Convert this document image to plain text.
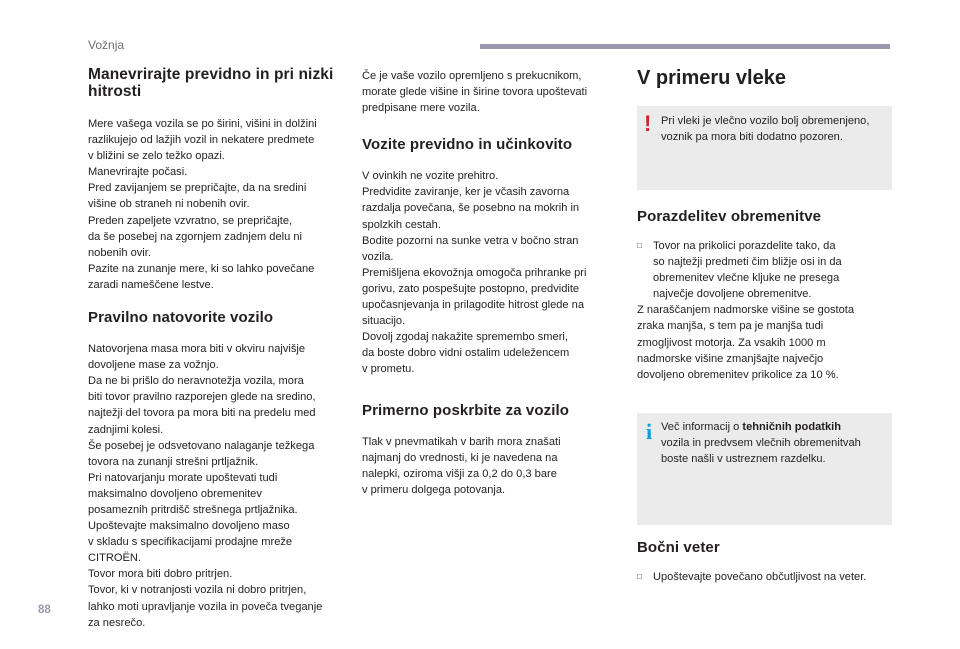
Vožnja
Manevrirajte previdno in pri nizki hitrosti

Mere vašega vozila se po širini, višini in dolžini
razlikujejo od lažjih vozil in nekatere predmete
v bližini se zelo težko opazi.
Manevrirajte počasi.
Pred zavijanjem se prepričajte, da na sredini
višine ob straneh ni nobenih ovir.
Preden zapeljete vzvratno, se prepričajte,
da še posebej na zgornjem zadnjem delu ni
nobenih ovir.
Pazite na zunanje mere, ki so lahko povečane
zaradi nameščene lestve.

Pravilno natovorite vozilo

Natovorjena masa mora biti v okviru najvišje
dovoljene mase za vožnjo.
Da ne bi prišlo do neravnotežja vozila, mora
biti tovor pravilno razporejen glede na sredino,
najtežji del tovora pa mora biti na predelu med
zadnjimi kolesi.
Še posebej je odsvetovano nalaganje težkega
tovora na zunanji strešni prtljažnik.
Pri natovarjanju morate upoštevati tudi
maksimalno dovoljeno obremenitev
posameznih pritrdišč strešnega prtljažnika.
Upoštevajte maksimalno dovoljeno maso
v skladu s specifikacijami prodajne mreže
CITROËN.
Tovor mora biti dobro pritrjen.
Tovor, ki v notranjosti vozila ni dobro pritrjen,
lahko moti upravljanje vozila in poveča tveganje
za nesrečo.

Če je vaše vozilo opremljeno s prekucnikom,
morate glede višine in širine tovora upoštevati
predpisane mere vozila.

Vozite previdno in učinkovito

V ovinkih ne vozite prehitro.
Predvidite zaviranje, ker je včasih zavorna
razdalja povečana, še posebno na mokrih in
spolzkih cestah.
Bodite pozorni na sunke vetra v bočno stran
vozila.
Premišljena ekovožnja omogoča prihranke pri
gorivu, zato pospešujte postopno, predvidite
upočasnjevanja in prilagodite hitrost glede na
situacijo.
Dovolj zgodaj nakažite spremembo smeri,
da boste dobro vidni ostalim udeležencem
v prometu.

Primerno poskrbite za vozilo

Tlak v pnevmatikah v barih mora znašati
najmanj do vrednosti, ki je navedena na
nalepki, oziroma višji za 0,2 do 0,3 bare
v primeru dolgega potovanja.

V primeru vleke
! Pri vleki je vlečno vozilo bolj obremenjeno,
voznik pa mora biti dodatno pozoren.

Porazdelitev obremenitve
□	Tovor na prikolici porazdelite tako, da
so najtežji predmeti čim bližje osi in da
obremenitev vlečne kljuke ne presega
največje dovoljene obremenitve.

Z naraščanjem nadmorske višine se gostota
zraka manjša, s tem pa je manjša tudi
zmogljivost motorja. Za vsakih 1000 m
nadmorske višine zmanjšajte največjo
dovoljeno obremenitev prikolice za 10 %.

i Več informacij o tehničnih podatkih
vozila in predvsem vlečnih obremenitvah
boste našli v ustreznem razdelku.

Bočni veter
□	Upoštevajte povečano občutljivost na veter.

88
